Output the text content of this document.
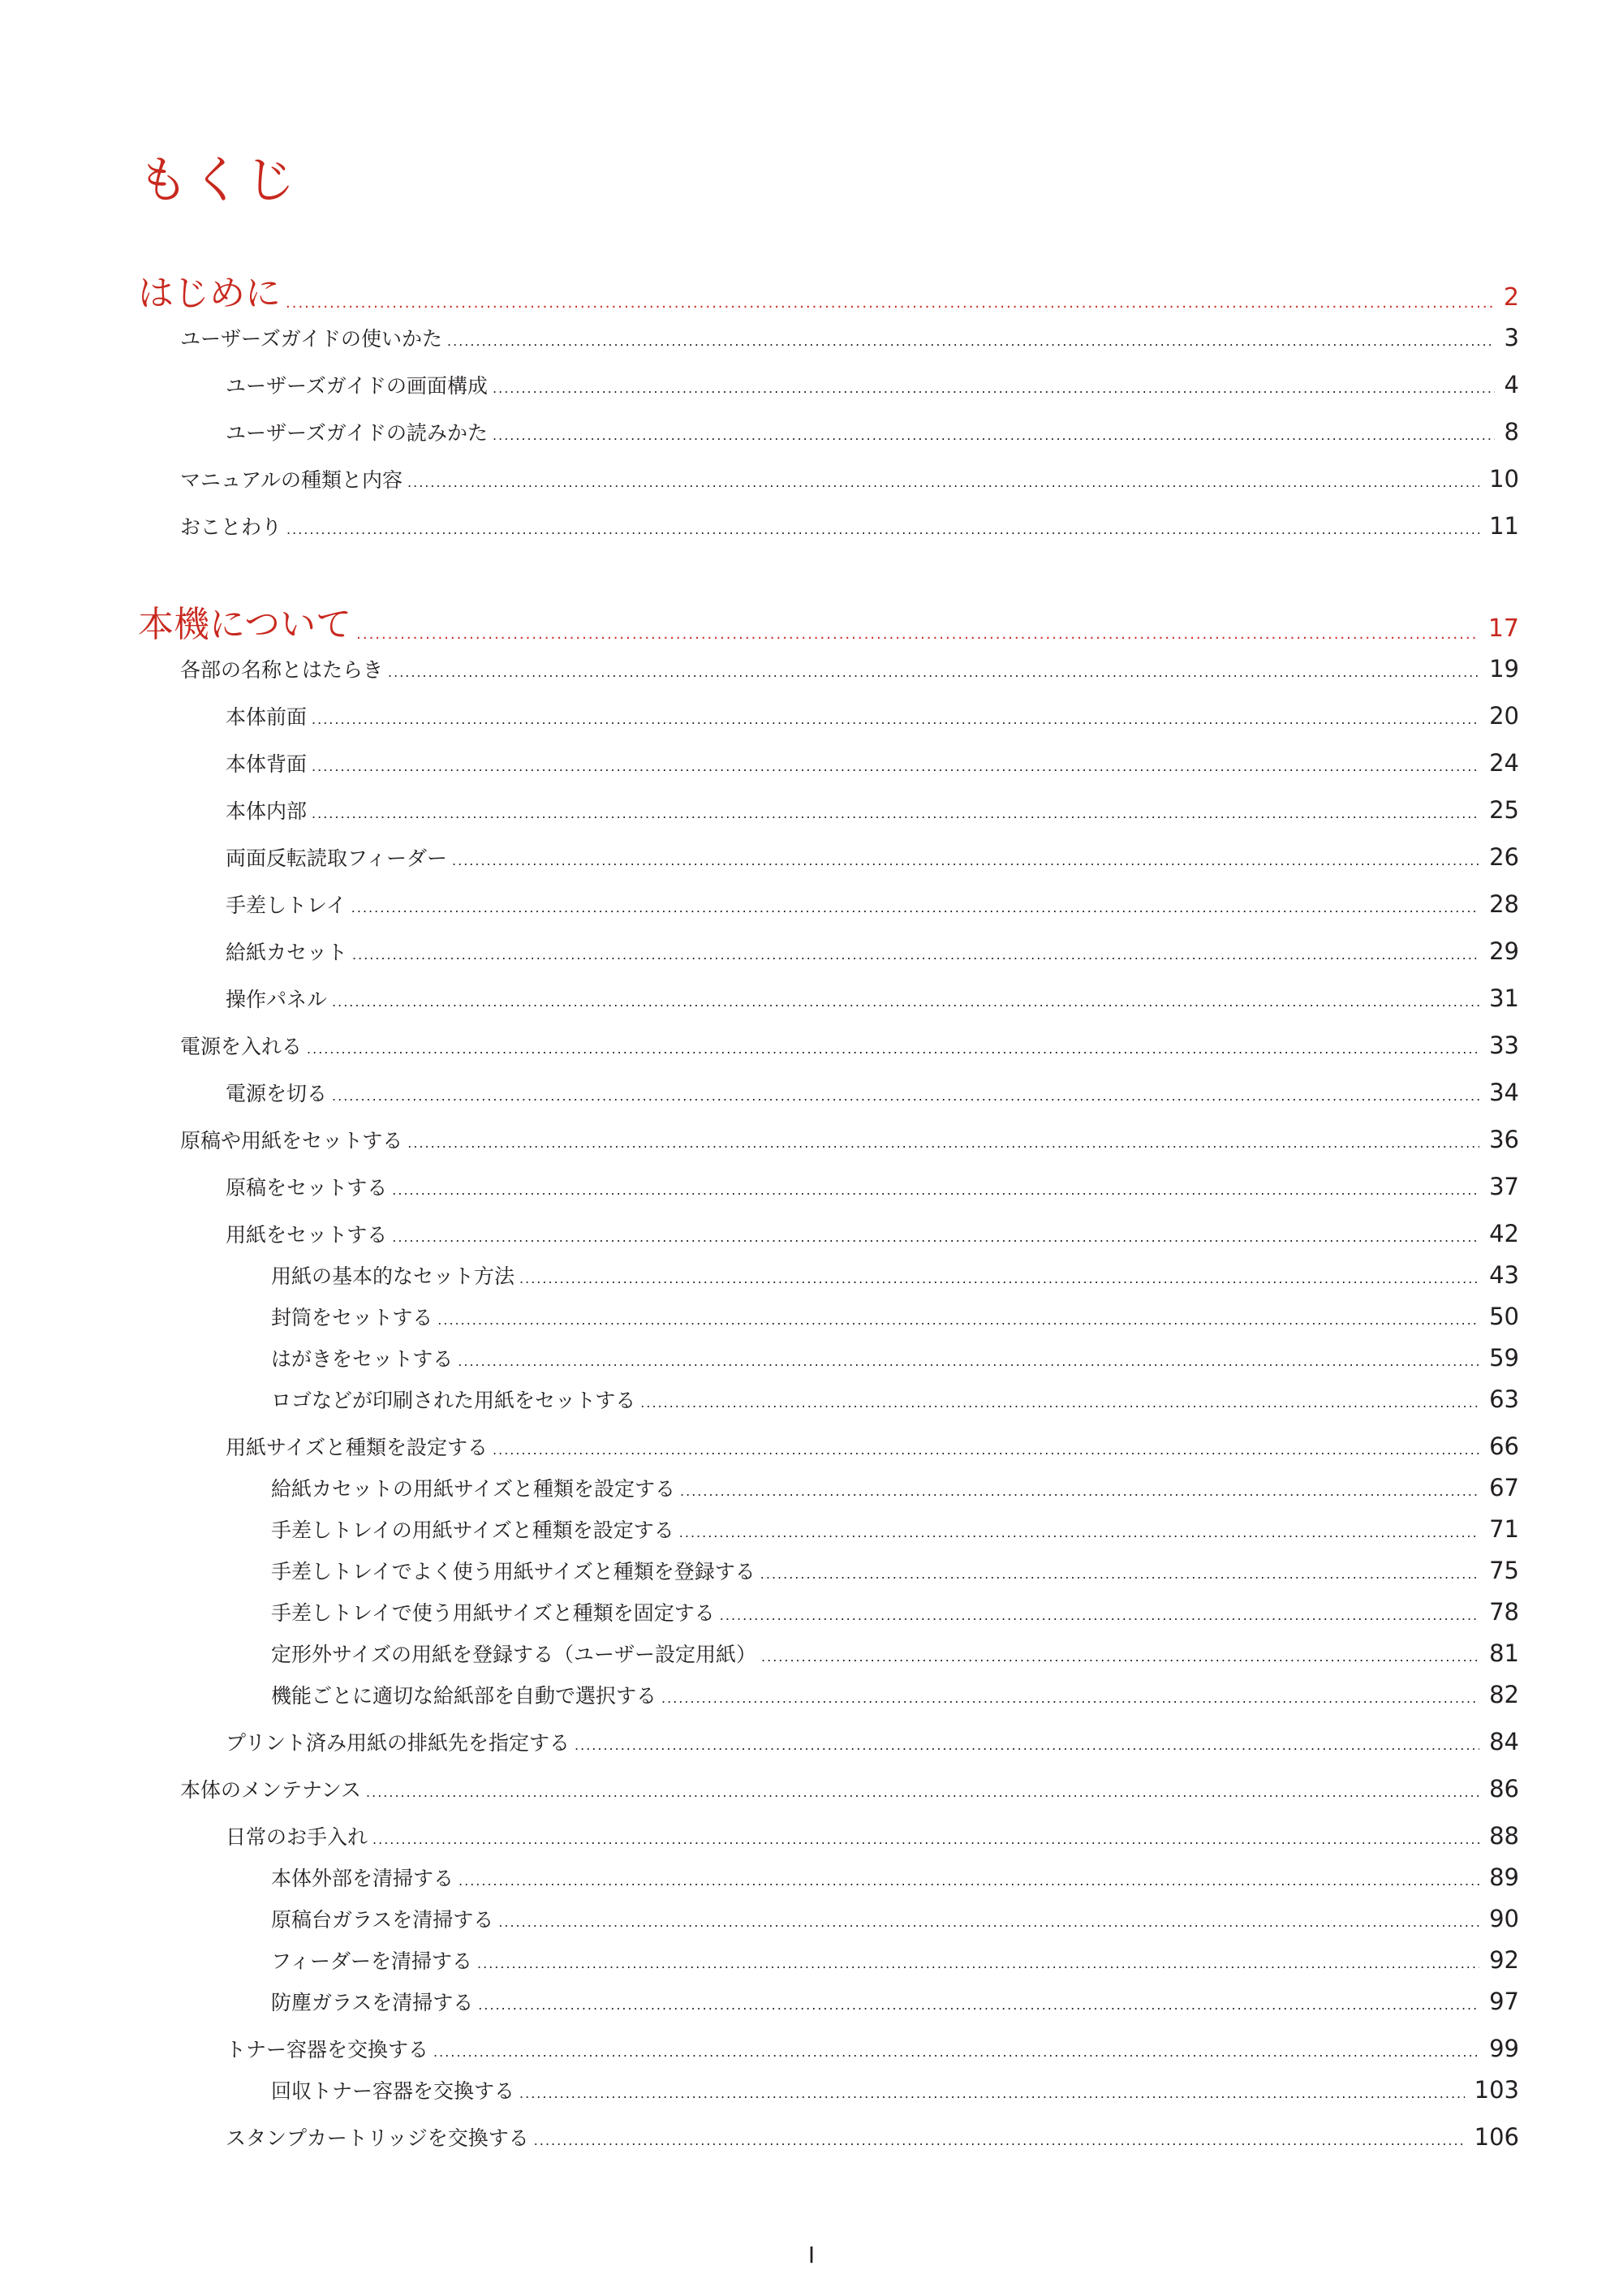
もくじ
はじめに .....	2
ユーザーズガイドの使いかた .....	3
ユーザーズガイドの画面構成 .....	4
ユーザーズガイドの読みかた .....	8
マニュアルの種類と内容 .....	10
おことわり .....	11
本機について .....	17
各部の名称とはたらき .....	19
本体前面 .....	20
本体背面 .....	24
本体内部 .....	25
両面反転読取フィーダー .....	26
手差しトレイ .....	28
給紙カセット .....	29
操作パネル .....	31
電源を入れる .....	33
電源を切る .....	34
原稿や用紙をセットする .....	36
原稿をセットする .....	37
用紙をセットする .....	42
用紙の基本的なセット方法 .....	43
封筒をセットする .....	50
はがきをセットする .....	59
ロゴなどが印刷された用紙をセットする .....	63
用紙サイズと種類を設定する .....	66
給紙カセットの用紙サイズと種類を設定する .....	67
手差しトレイの用紙サイズと種類を設定する .....	71
手差しトレイでよく使う用紙サイズと種類を登録する .....	75
手差しトレイで使う用紙サイズと種類を固定する .....	78
定形外サイズの用紙を登録する（ユーザー設定用紙） .....	81
機能ごとに適切な給紙部を自動で選択する .....	82
プリント済み用紙の排紙先を指定する .....	84
本体のメンテナンス .....	86
日常のお手入れ .....	88
本体外部を清掃する .....	89
原稿台ガラスを清掃する .....	90
フィーダーを清掃する .....	92
防塵ガラスを清掃する .....	97
トナー容器を交換する .....	99
回収トナー容器を交換する .....	103
スタンプカートリッジを交換する .....	106
I
